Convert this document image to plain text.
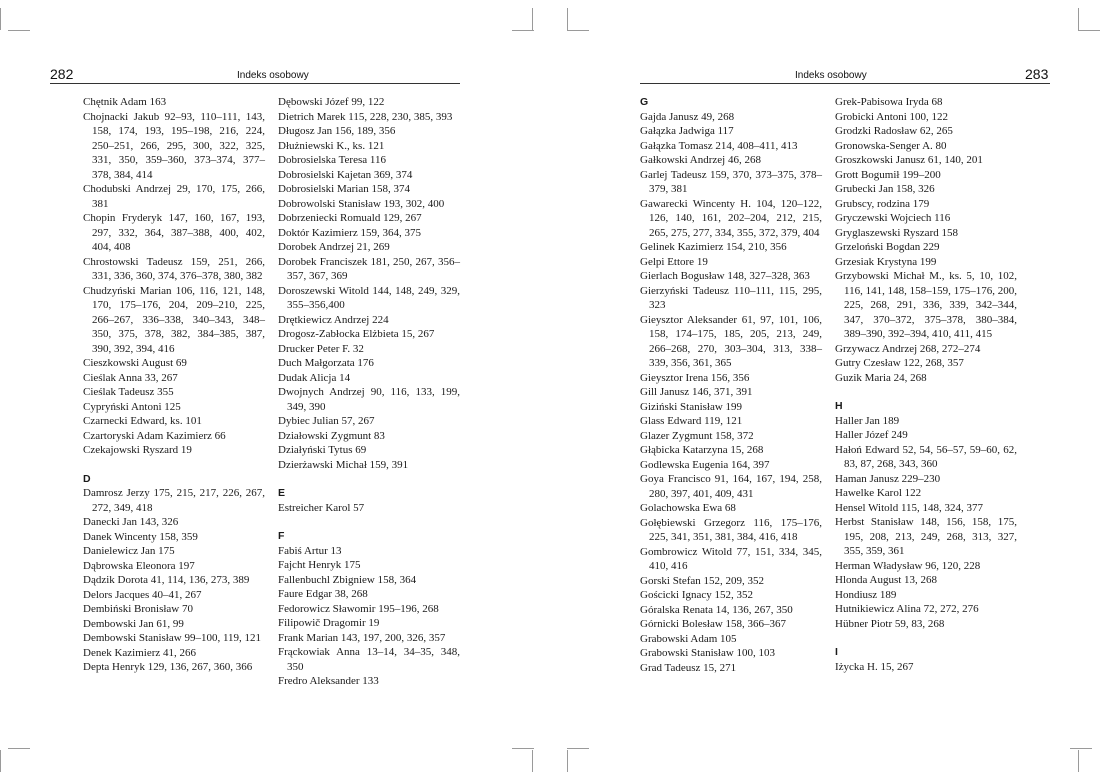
282	Indeks osobowy	Indeks osobowy	283
Chętnik Adam 163
Chojnacki Jakub 92–93, 110–111, 143, 158, 174, 193, 195–198, 216, 224, 250–251, 266, 295, 300, 322, 325, 331, 350, 359–360, 373–374, 377–378, 384, 414
Chodubski Andrzej 29, 170, 175, 266, 381
Chopin Fryderyk 147, 160, 167, 193, 297, 332, 364, 387–388, 400, 402, 404, 408
Chrostowski Tadeusz 159, 251, 266, 331, 336, 360, 374, 376–378, 380, 382
Chudzyński Marian 106, 116, 121, 148, 170, 175–176, 204, 209–210, 225, 266–267, 336–338, 340–343, 348–350, 375, 378, 382, 384–385, 387, 390, 392, 394, 416
Cieszkowski August 69
Cieślak Anna 33, 267
Cieślak Tadeusz 355
Cypryński Antoni 125
Czarnecki Edward, ks. 101
Czartoryski Adam Kazimierz 66
Czekajowski Ryszard 19
D
Damrosz Jerzy 175, 215, 217, 226, 267, 272, 349, 418
Danecki Jan 143, 326
Danek Wincenty 158, 359
Danielewicz Jan 175
Dąbrowska Eleonora 197
Dądzik Dorota 41, 114, 136, 273, 389
Delors Jacques 40–41, 267
Dembiński Bronisław 70
Dembowski Jan 61, 99
Dembowski Stanisław 99–100, 119, 121
Denek Kazimierz 41, 266
Depta Henryk 129, 136, 267, 360, 366
Dębowski Józef 99, 122
Dietrich Marek 115, 228, 230, 385, 393
Długosz Jan 156, 189, 356
Dłużniewski K., ks. 121
Dobrosielska Teresa 116
Dobrosielski Kajetan 369, 374
Dobrosielski Marian 158, 374
Dobrowolski Stanisław 193, 302, 400
Dobrzeniecki Romuald 129, 267
Doktór Kazimierz 159, 364, 375
Dorobek Andrzej 21, 269
Dorobek Franciszek 181, 250, 267, 356–357, 367, 369
Doroszewski Witold 144, 148, 249, 329, 355–356,400
Drętkiewicz Andrzej 224
Drogosz-Zabłocka Elżbieta 15, 267
Drucker Peter F. 32
Duch Małgorzata 176
Dudak Alicja 14
Dwojnych Andrzej 90, 116, 133, 199, 349, 390
Dybiec Julian 57, 267
Działowski Zygmunt 83
Działyński Tytus 69
Dzierżawski Michał 159, 391
E
Estreicher Karol 57
F
Fabiś Artur 13
Fajcht Henryk 175
Fallenbuchl Zbigniew 158, 364
Faure Edgar 38, 268
Fedorowicz Sławomir 195–196, 268
Filipowič Dragomir 19
Frank Marian 143, 197, 200, 326, 357
Frąckowiak Anna 13–14, 34–35, 348, 350
Fredro Aleksander 133
G
Gajda Janusz 49, 268
Gałązka Jadwiga 117
Gałązka Tomasz 214, 408–411, 413
Gałkowski Andrzej 46, 268
Garlej Tadeusz 159, 370, 373–375, 378–379, 381
Gawarecki Wincenty H. 104, 120–122, 126, 140, 161, 202–204, 212, 215, 265, 275, 277, 334, 355, 372, 379, 404
Gelinek Kazimierz 154, 210, 356
Gelpi Ettore 19
Gierlach Bogusław 148, 327–328, 363
Gierzyński Tadeusz 110–111, 115, 295, 323
Gieysztor Aleksander 61, 97, 101, 106, 158, 174–175, 185, 205, 213, 249, 266–268, 270, 303–304, 313, 338–339, 356, 361, 365
Gieysztor Irena 156, 356
Gill Janusz 146, 371, 391
Giziński Stanisław 199
Glass Edward 119, 121
Glazer Zygmunt 158, 372
Głąbicka Katarzyna 15, 268
Godlewska Eugenia 164, 397
Goya Francisco 91, 164, 167, 194, 258, 280, 397, 401, 409, 431
Golachowska Ewa 68
Gołębiewski Grzegorz 116, 175–176, 225, 341, 351, 381, 384, 416, 418
Gombrowicz Witold 77, 151, 334, 345, 410, 416
Gorski Stefan 152, 209, 352
Gościcki Ignacy 152, 352
Góralska Renata 14, 136, 267, 350
Górnicki Bolesław 158, 366–367
Grabowski Adam 105
Grabowski Stanisław 100, 103
Grad Tadeusz 15, 271
Grek-Pabisowa Iryda 68
Grobicki Antoni 100, 122
Grodzki Radosław 62, 265
Gronowska-Senger A. 80
Groszkowski Janusz 61, 140, 201
Grott Bogumił 199–200
Grubecki Jan 158, 326
Grubscy, rodzina 179
Gryczewski Wojciech 116
Gryglaszewski Ryszard 158
Grzeloński Bogdan 229
Grzesiak Krystyna 199
Grzybowski Michał M., ks. 5, 10, 102, 116, 141, 148, 158–159, 175–176, 200, 225, 268, 291, 336, 339, 342–344, 347, 370–372, 375–378, 380–384, 389–390, 392–394, 410, 411, 415
Grzywacz Andrzej 268, 272–274
Gutry Czesław 122, 268, 357
Guzik Maria 24, 268
H
Haller Jan 189
Haller Józef 249
Hałoń Edward 52, 54, 56–57, 59–60, 62, 83, 87, 268, 343, 360
Haman Janusz 229–230
Hawelke Karol 122
Hensel Witold 115, 148, 324, 377
Herbst Stanisław 148, 156, 158, 175, 195, 208, 213, 249, 268, 313, 327, 355, 359, 361
Herman Władysław 96, 120, 228
Hlonda August 13, 268
Hondiusz 189
Hutnikiewicz Alina 72, 272, 276
Hübner Piotr 59, 83, 268
I
Iżycka H. 15, 267
